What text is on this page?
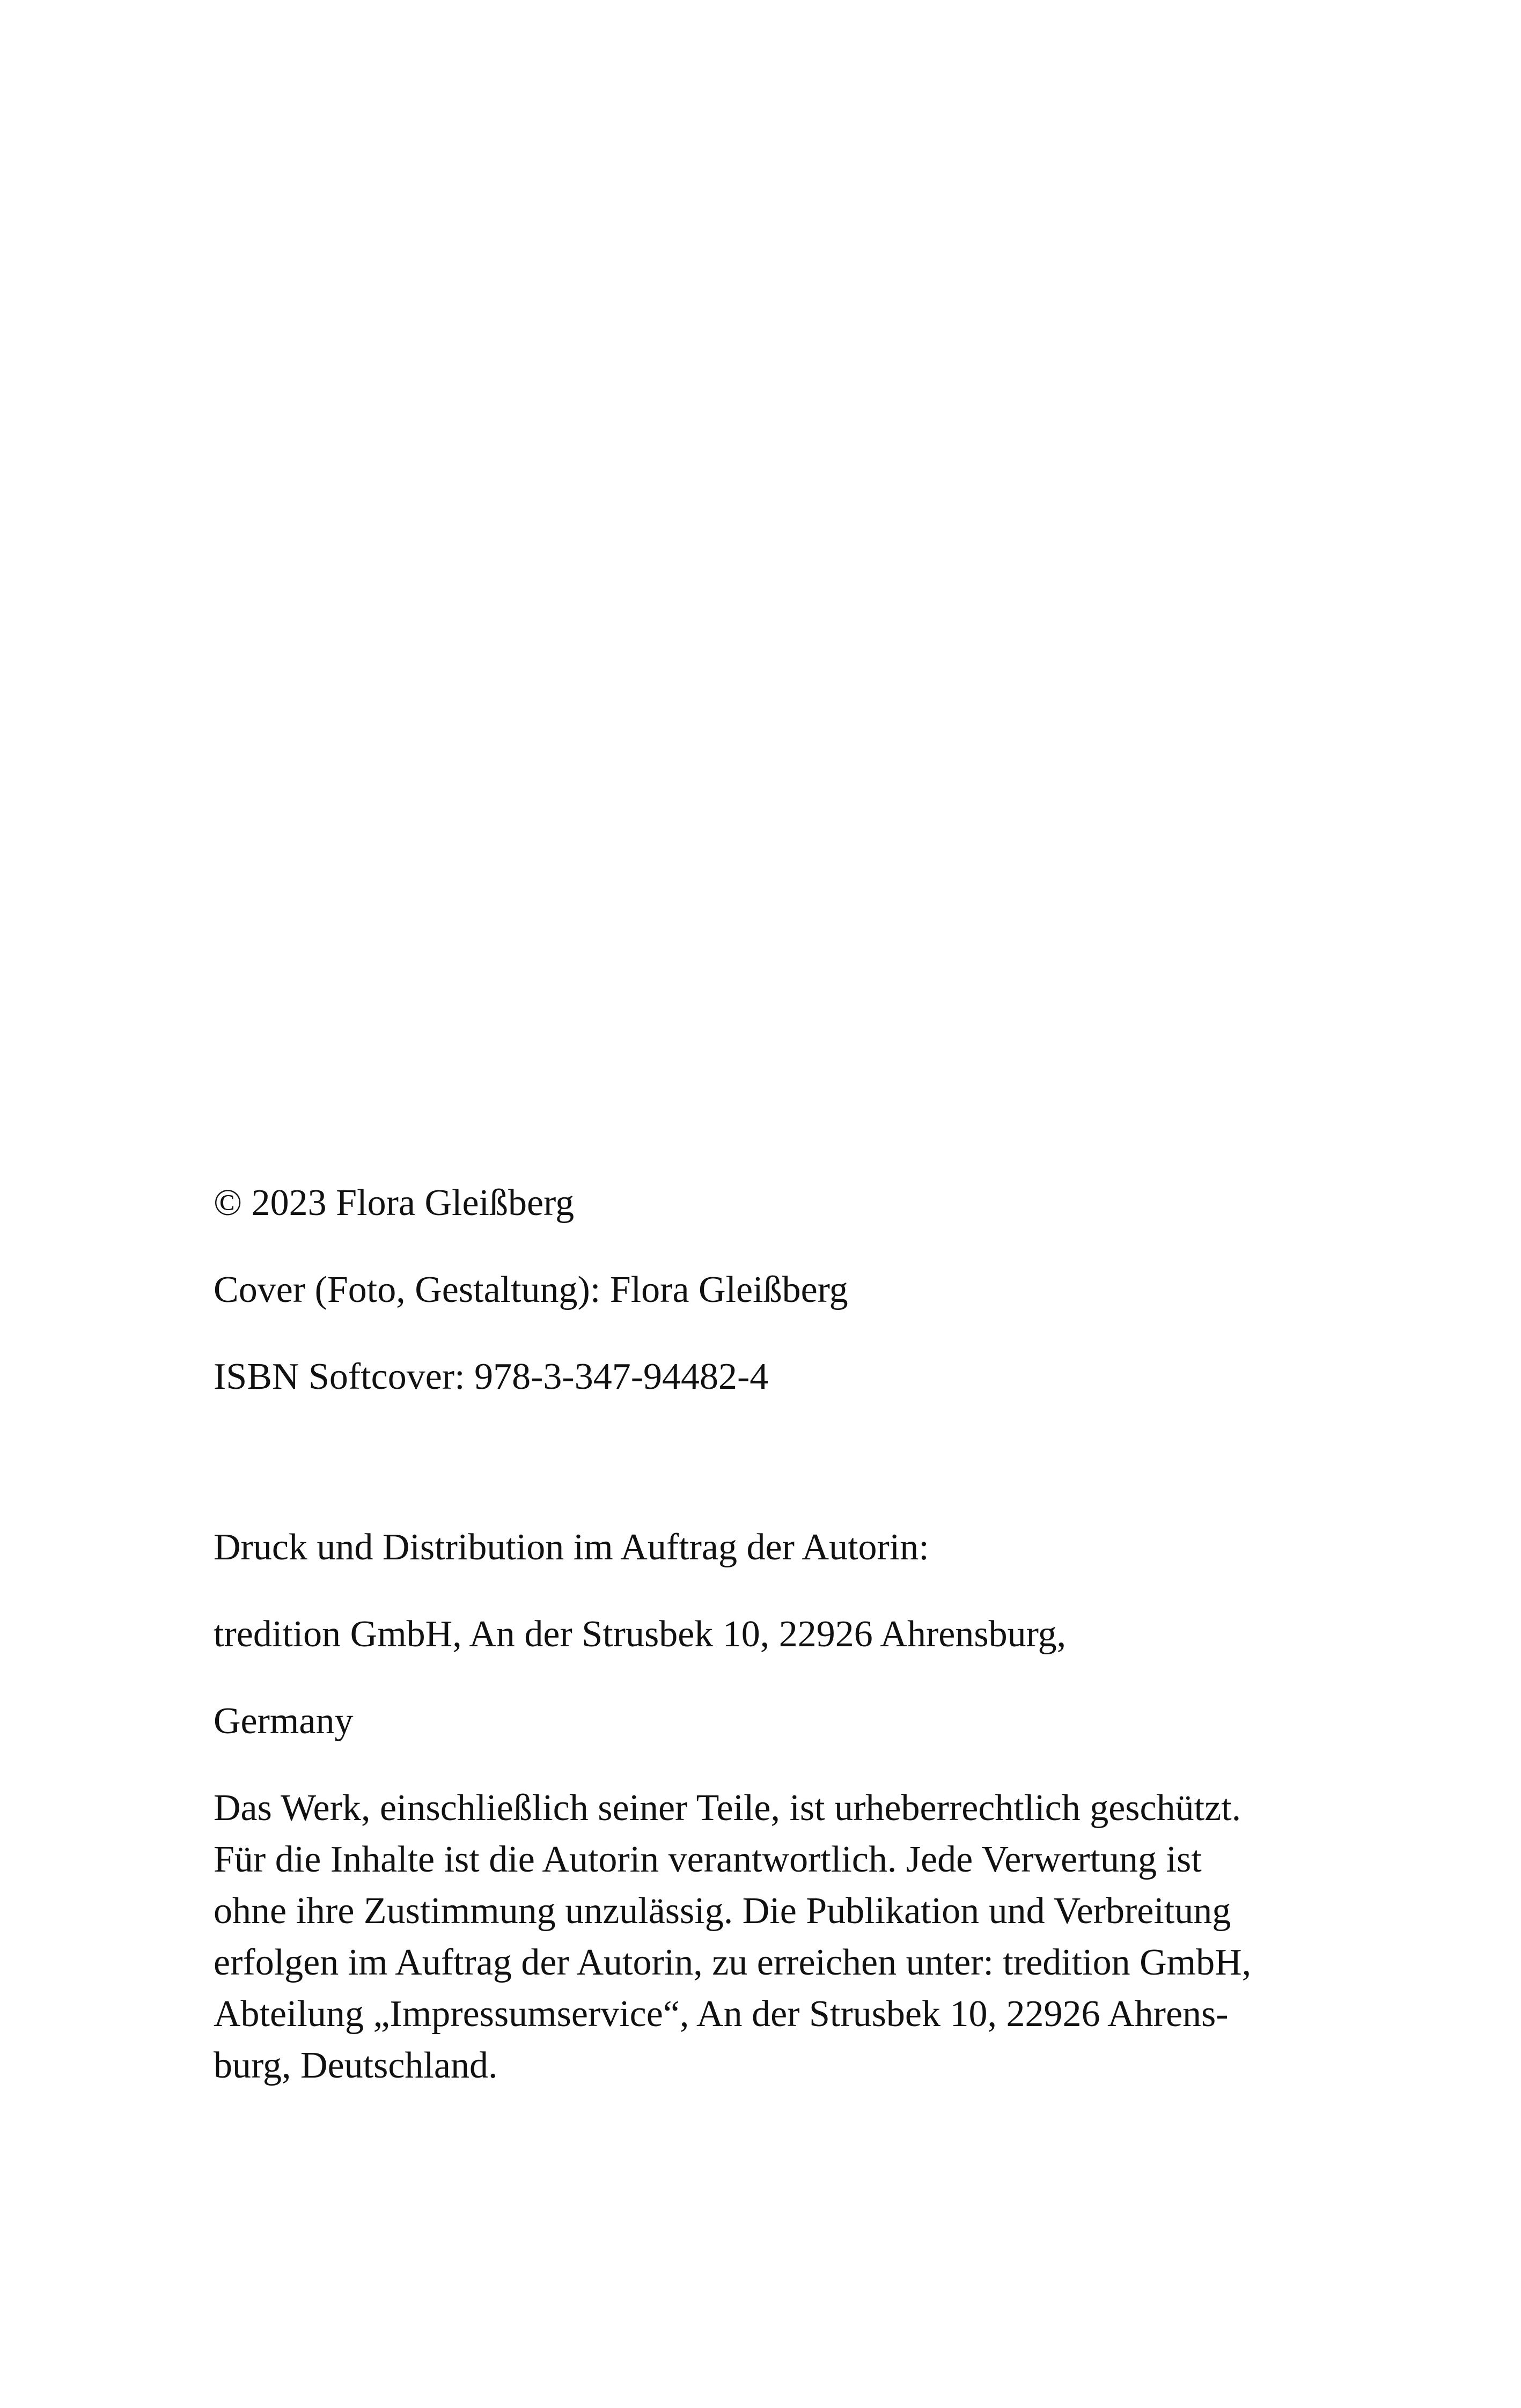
© 2023 Flora Gleißberg

Cover (Foto, Gestaltung): Flora Gleißberg

ISBN Softcover: 978-3-347-94482-4

Druck und Distribution im Auftrag der Autorin:

tredition GmbH, An der Strusbek 10, 22926 Ahrensburg,

Germany

Das Werk, einschließlich seiner Teile, ist urheberrechtlich geschützt.
Für die Inhalte ist die Autorin verantwortlich. Jede Verwertung ist
ohne ihre Zustimmung unzulässig. Die Publikation und Verbreitung
erfolgen im Auftrag der Autorin, zu erreichen unter: tredition GmbH,
Abteilung „Impressumservice“, An der Strusbek 10, 22926 Ahrens-
burg, Deutschland.
